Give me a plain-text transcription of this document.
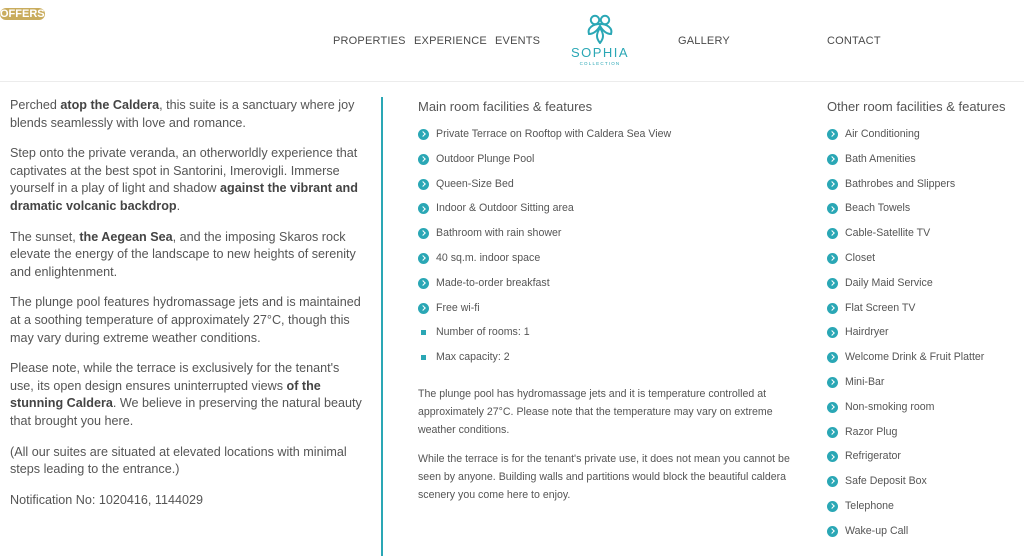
PROPERTIES EXPERIENCE EVENTS
SOPHIA
COLLECTION
GALLERY
OFFERS
CONTACT

Perched atop the Caldera, this suite is a sanctuary where joy blends seamlessly with love and romance.

Step onto the private veranda, an otherworldly experience that captivates at the best spot in Santorini, Imerovigli. Immerse yourself in a play of light and shadow against the vibrant and dramatic volcanic backdrop.

The sunset, the Aegean Sea, and the imposing Skaros rock elevate the energy of the landscape to new heights of serenity and enlightenment.

The plunge pool features hydromassage jets and is maintained at a soothing temperature of approximately 27°C, though this may vary during extreme weather conditions.

Please note, while the terrace is exclusively for the tenant's use, its open design ensures uninterrupted views of the stunning Caldera. We believe in preserving the natural beauty that brought you here.

(All our suites are situated at elevated locations with minimal steps leading to the entrance.)

Notification No: 1020416, 1144029

Main room facilities & features
Private Terrace on Rooftop with Caldera Sea View
Outdoor Plunge Pool
Queen-Size Bed
Indoor & Outdoor Sitting area
Bathroom with rain shower
40 sq.m. indoor space
Made-to-order breakfast
Free wi-fi
Number of rooms: 1
Max capacity: 2

The plunge pool has hydromassage jets and it is temperature controlled at approximately 27°C. Please note that the temperature may vary on extreme weather conditions.

While the terrace is for the tenant's private use, it does not mean you cannot be seen by anyone. Building walls and partitions would block the beautiful caldera scenery you come here to enjoy.

Other room facilities & features
Air Conditioning
Bath Amenities
Bathrobes and Slippers
Beach Towels
Cable-Satellite TV
Closet
Daily Maid Service
Flat Screen TV
Hairdryer
Welcome Drink & Fruit Platter
Mini-Bar
Non-smoking room
Razor Plug
Refrigerator
Safe Deposit Box
Telephone
Wake-up Call
